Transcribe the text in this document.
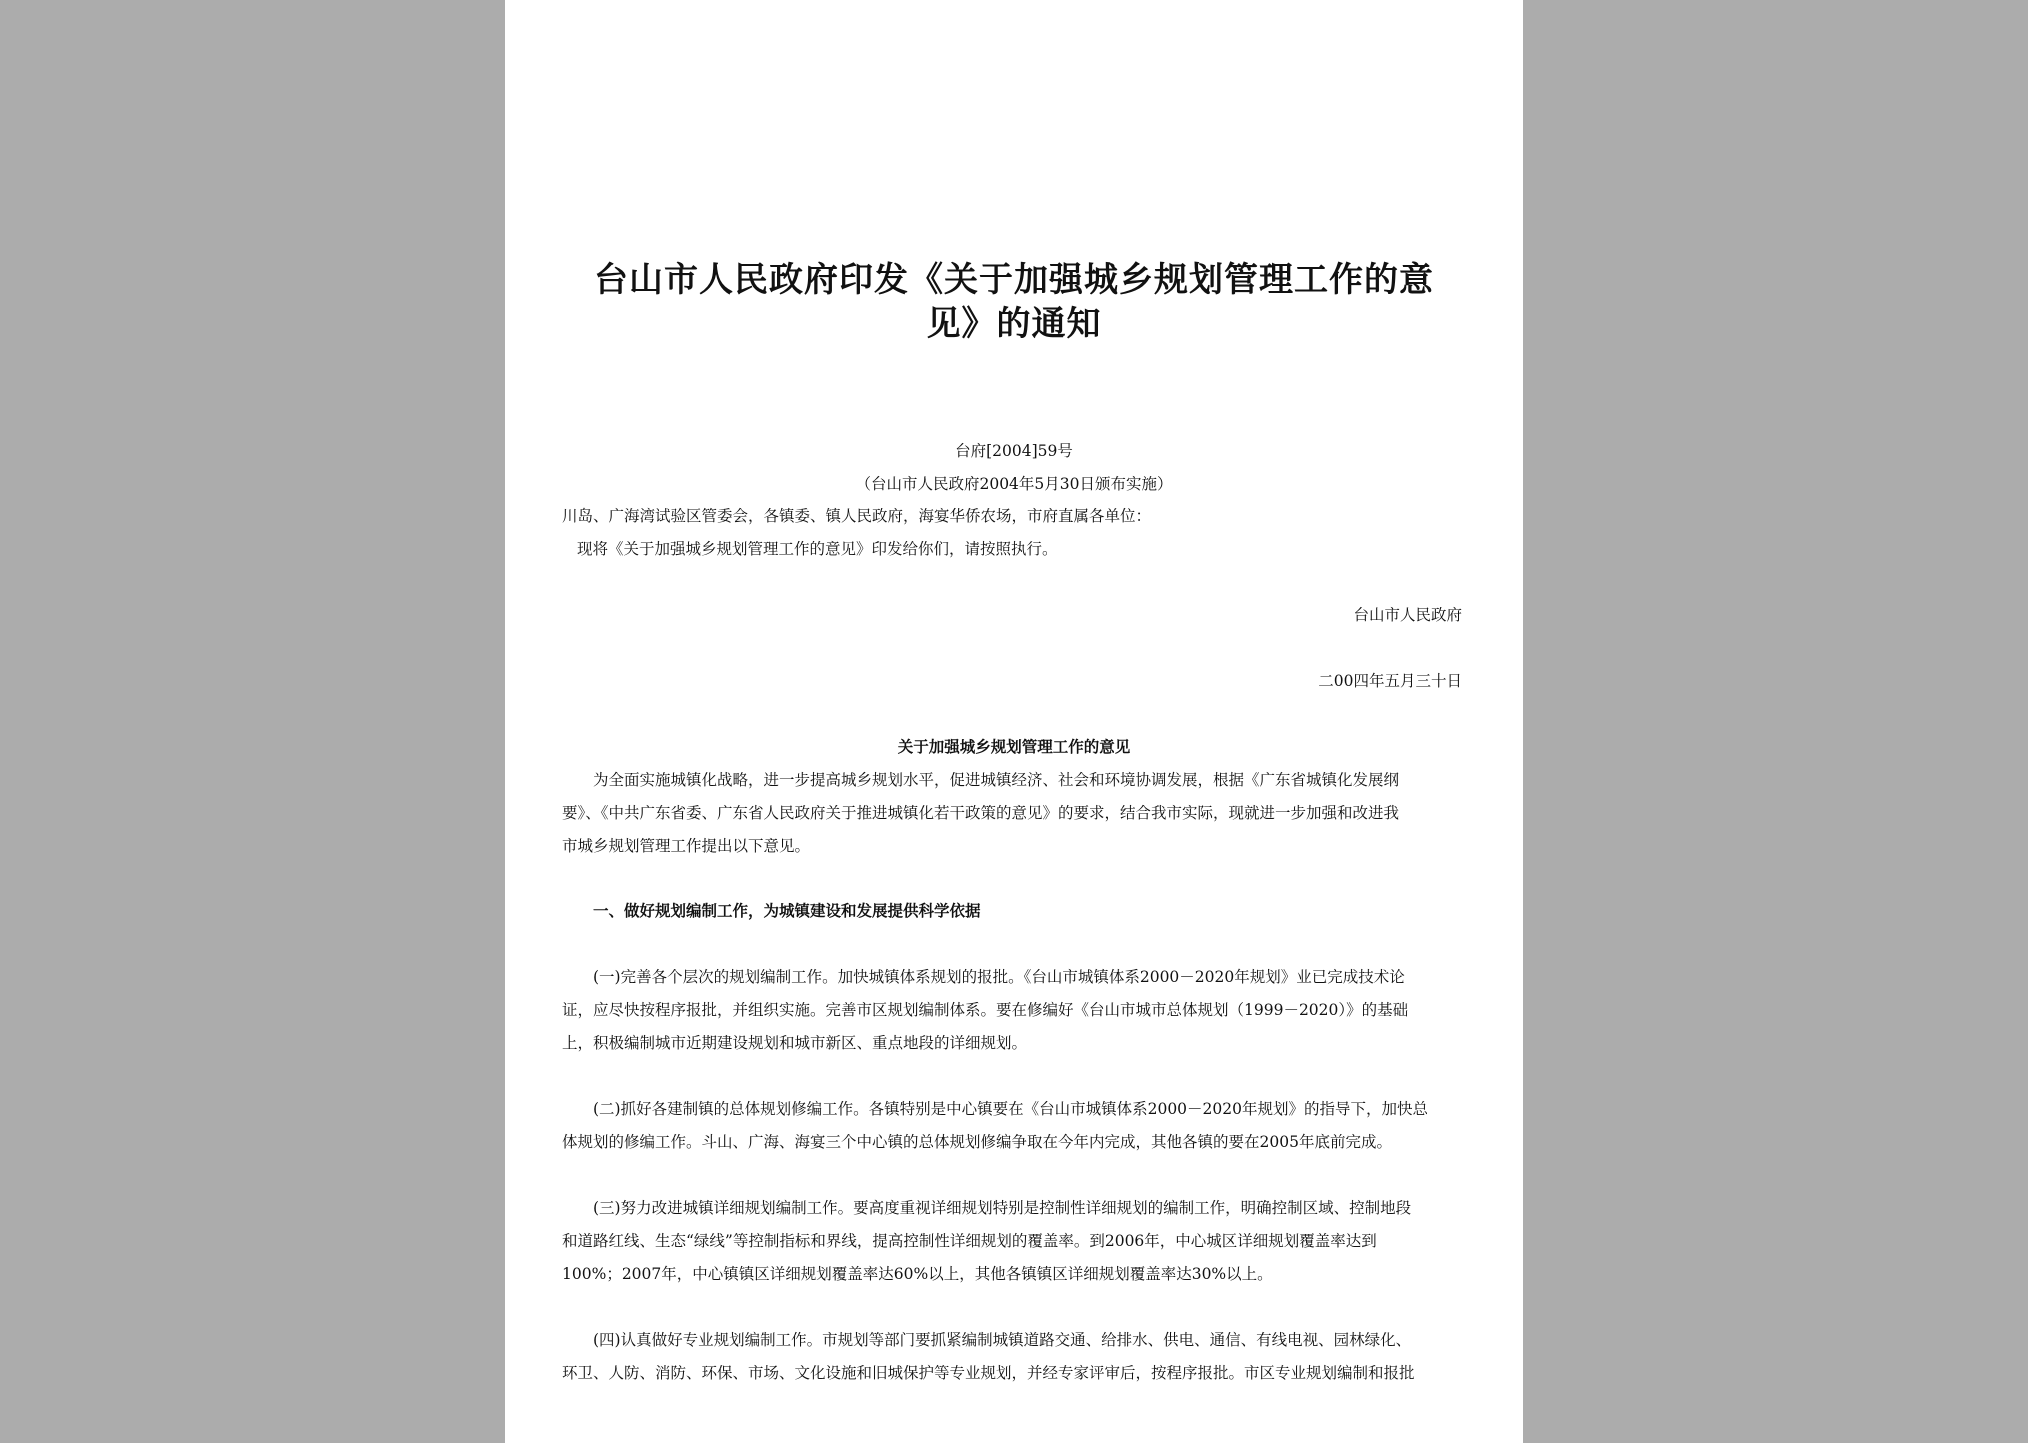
台山市人民政府印发《关于加强城乡规划管理工作的意
见》的通知
台府[2004]59号
（台山市人民政府2004年5月30日颁布实施）
川岛、广海湾试验区管委会，各镇委、镇人民政府，海宴华侨农场，市府直属各单位：
现将《关于加强城乡规划管理工作的意见》印发给你们，请按照执行。
台山市人民政府
二00四年五月三十日
关于加强城乡规划管理工作的意见
为全面实施城镇化战略，进一步提高城乡规划水平，促进城镇经济、社会和环境协调发展，根据《广东省城镇化发展纲
要》、《中共广东省委、广东省人民政府关于推进城镇化若干政策的意见》的要求，结合我市实际，现就进一步加强和改进我
市城乡规划管理工作提出以下意见。
一、做好规划编制工作，为城镇建设和发展提供科学依据
(一)完善各个层次的规划编制工作。加快城镇体系规划的报批。《台山市城镇体系2000－2020年规划》业已完成技术论
证，应尽快按程序报批，并组织实施。完善市区规划编制体系。要在修编好《台山市城市总体规划（1999－2020）》的基础
上，积极编制城市近期建设规划和城市新区、重点地段的详细规划。
(二)抓好各建制镇的总体规划修编工作。各镇特别是中心镇要在《台山市城镇体系2000－2020年规划》的指导下，加快总
体规划的修编工作。斗山、广海、海宴三个中心镇的总体规划修编争取在今年内完成，其他各镇的要在2005年底前完成。
(三)努力改进城镇详细规划编制工作。要高度重视详细规划特别是控制性详细规划的编制工作，明确控制区域、控制地段
和道路红线、生态“绿线”等控制指标和界线，提高控制性详细规划的覆盖率。到2006年，中心城区详细规划覆盖率达到
100%；2007年，中心镇镇区详细规划覆盖率达60%以上，其他各镇镇区详细规划覆盖率达30%以上。
(四)认真做好专业规划编制工作。市规划等部门要抓紧编制城镇道路交通、给排水、供电、通信、有线电视、园林绿化、
环卫、人防、消防、环保、市场、文化设施和旧城保护等专业规划，并经专家评审后，按程序报批。市区专业规划编制和报批
